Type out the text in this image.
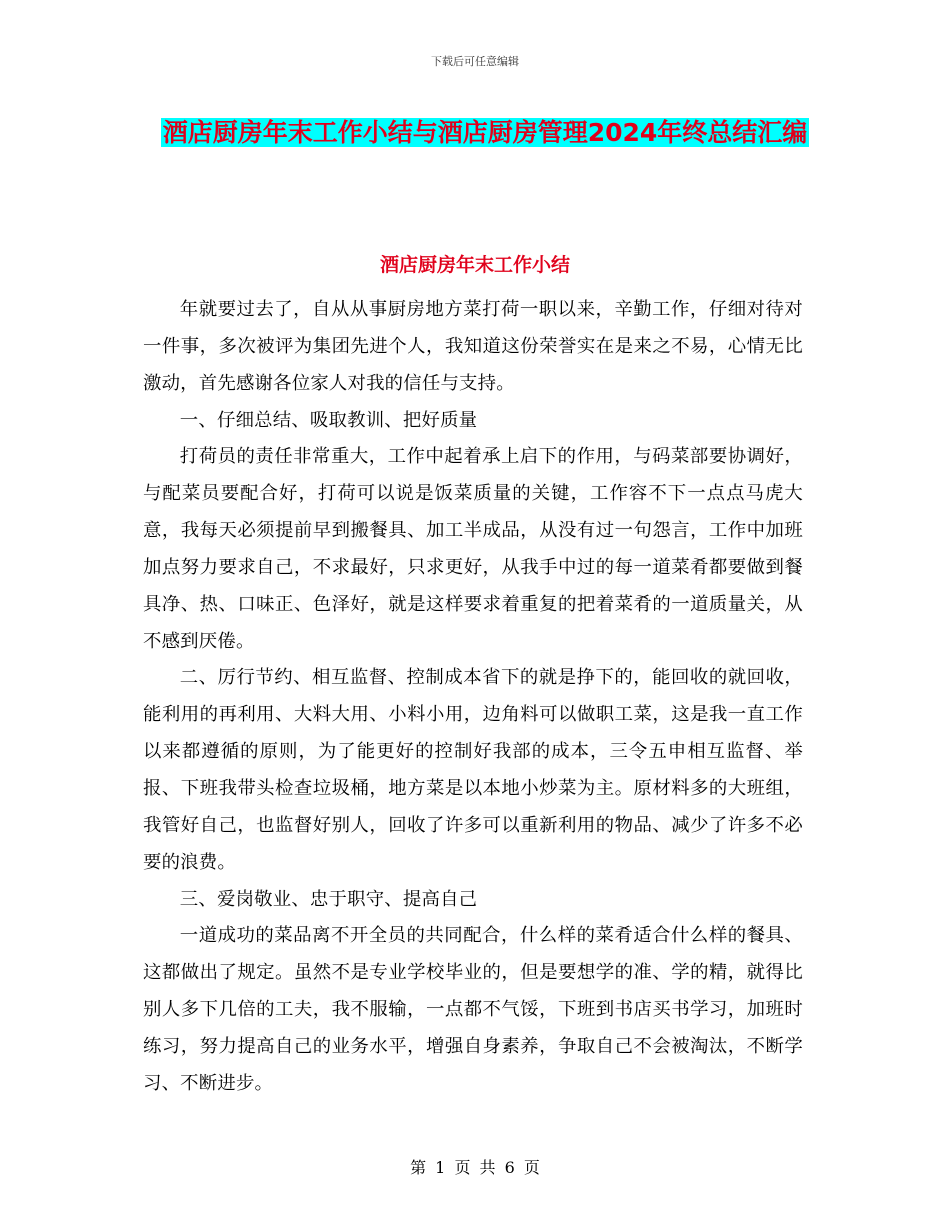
下载后可任意编辑
酒店厨房年末工作小结与酒店厨房管理2024年终总结汇编
酒店厨房年末工作小结

年就要过去了，自从从事厨房地方菜打荷一职以来，辛勤工作，仔细对待对一件事，多次被评为集团先进个人，我知道这份荣誉实在是来之不易，心情无比激动，首先感谢各位家人对我的信任与支持。

一、仔细总结、吸取教训、把好质量

打荷员的责任非常重大，工作中起着承上启下的作用，与码菜部要协调好，与配菜员要配合好，打荷可以说是饭菜质量的关键，工作容不下一点点马虎大意，我每天必须提前早到搬餐具、加工半成品，从没有过一句怨言，工作中加班加点努力要求自己，不求最好，只求更好，从我手中过的每一道菜肴都要做到餐具净、热、口味正、色泽好，就是这样要求着重复的把着菜肴的一道质量关，从不感到厌倦。

二、厉行节约、相互监督、控制成本省下的就是挣下的，能回收的就回收，能利用的再利用、大料大用、小料小用，边角料可以做职工菜，这是我一直工作以来都遵循的原则，为了能更好的控制好我部的成本，三令五申相互监督、举报、下班我带头检查垃圾桶，地方菜是以本地小炒菜为主。原材料多的大班组，我管好自己，也监督好别人，回收了许多可以重新利用的物品、减少了许多不必要的浪费。

三、爱岗敬业、忠于职守、提高自己

一道成功的菜品离不开全员的共同配合，什么样的菜肴适合什么样的餐具、这都做出了规定。虽然不是专业学校毕业的，但是要想学的准、学的精，就得比别人多下几倍的工夫，我不服输，一点都不气馁，下班到书店买书学习，加班时练习，努力提高自己的业务水平，增强自身素养，争取自己不会被淘汰，不断学习、不断进步。

第 1 页 共 6 页
